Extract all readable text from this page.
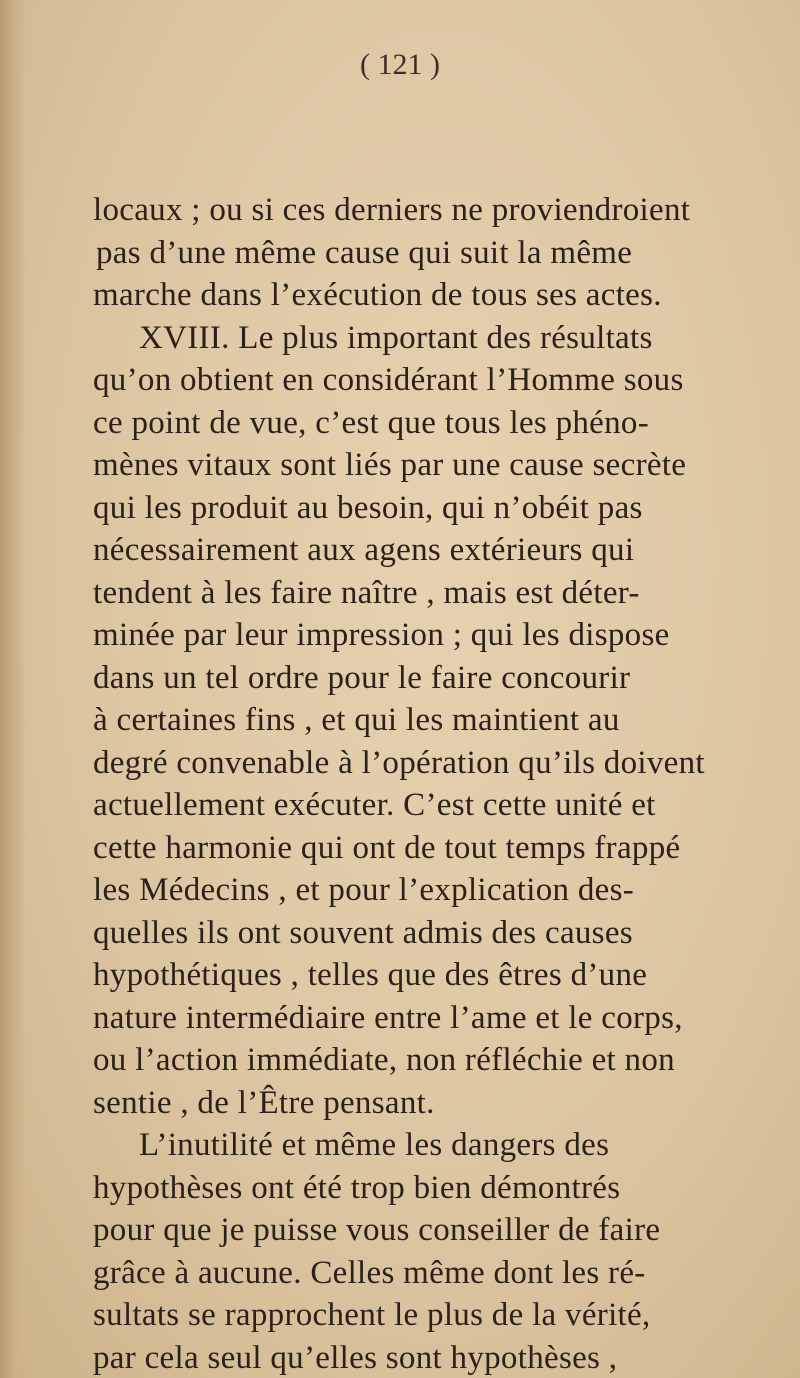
( 121 )
locaux ; ou si ces derniers ne proviendroient
pas d’une même cause qui suit la même
marche dans l’exécution de tous ses actes.
XVIII. Le plus important des résultats
qu’on obtient en considérant l’Homme sous
ce point de vue, c’est que tous les phéno-
mènes vitaux sont liés par une cause secrète
qui les produit au besoin, qui n’obéit pas
nécessairement aux agens extérieurs qui
tendent à les faire naître , mais est déter-
minée par leur impression ; qui les dispose
dans un tel ordre pour le faire concourir
à certaines fins , et qui les maintient au
degré convenable à l’opération qu’ils doivent
actuellement exécuter. C’est cette unité et
cette harmonie qui ont de tout temps frappé
les Médecins , et pour l’explication des-
quelles ils ont souvent admis des causes
hypothétiques , telles que des êtres d’une
nature intermédiaire entre l’ame et le corps,
ou l’action immédiate, non réfléchie et non
sentie , de l’Être pensant.
L’inutilité et même les dangers des
hypothèses ont été trop bien démontrés
pour que je puisse vous conseiller de faire
grâce à aucune. Celles même dont les ré-
sultats se rapprochent le plus de la vérité,
par cela seul qu’elles sont hypothèses ,
